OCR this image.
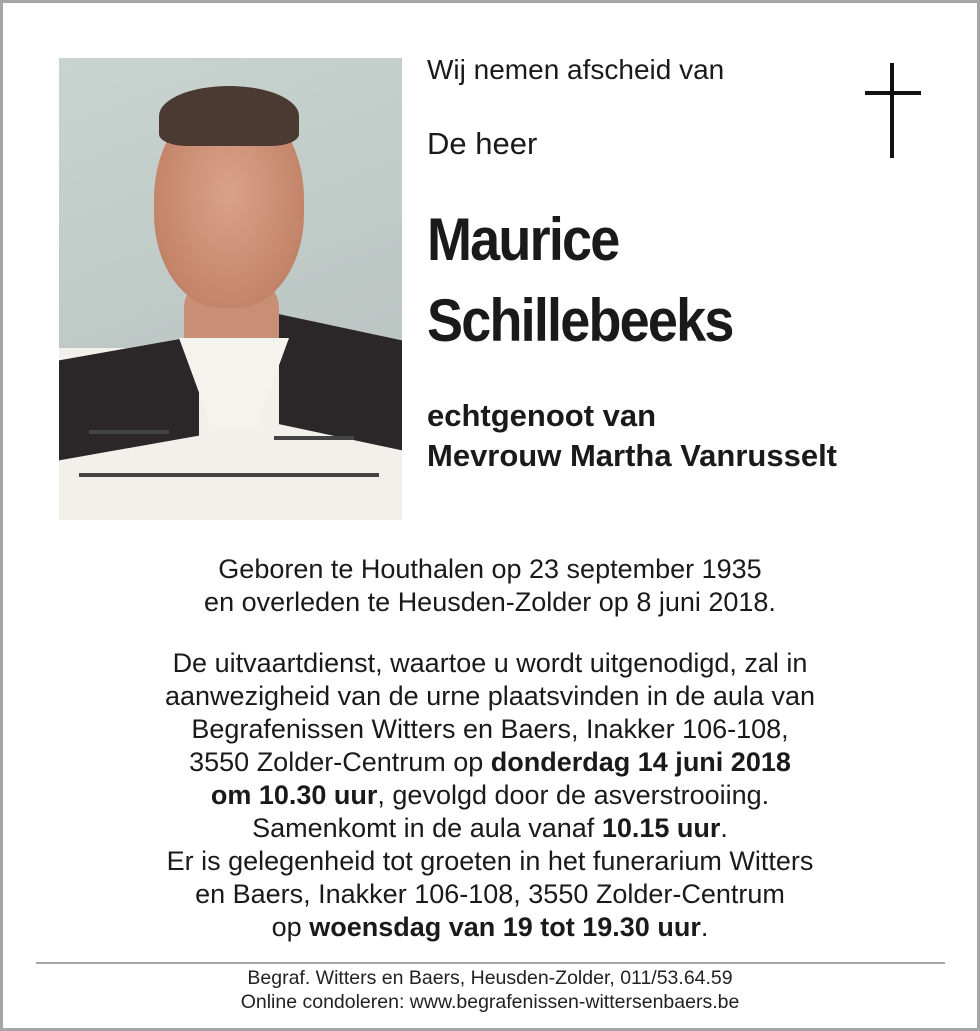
Wij nemen afscheid van
De heer
Maurice
Schillebeeks
echtgenoot van
Mevrouw Martha Vanrusselt
Geboren te Houthalen op 23 september 1935
en overleden te Heusden-Zolder op 8 juni 2018.
De uitvaartdienst, waartoe u wordt uitgenodigd, zal in
aanwezigheid van de urne plaatsvinden in de aula van
Begrafenissen Witters en Baers, Inakker 106-108,
3550 Zolder-Centrum op donderdag 14 juni 2018
om 10.30 uur, gevolgd door de asverstrooiing.
Samenkomt in de aula vanaf 10.15 uur.
Er is gelegenheid tot groeten in het funerarium Witters
en Baers, Inakker 106-108, 3550 Zolder-Centrum
op woensdag van 19 tot 19.30 uur.
Begraf. Witters en Baers, Heusden-Zolder, 011/53.64.59
Online condoleren: www.begrafenissen-wittersenbaers.be
